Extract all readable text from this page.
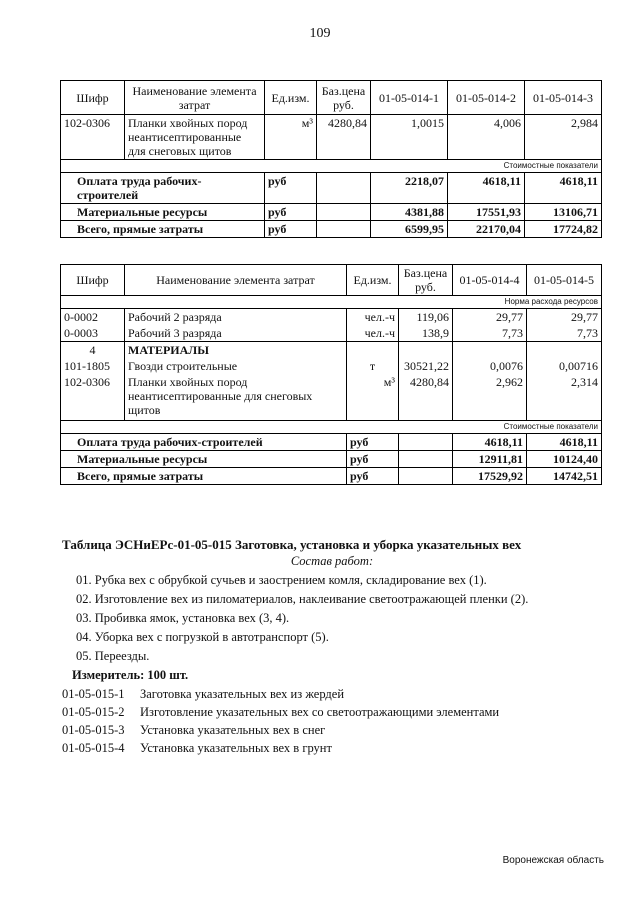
109
Шифр	Наименование элемента затрат	Ед.изм.	Баз.цена руб.	01-05-014-1	01-05-014-2	01-05-014-3
102-0306	Планки хвойных пород неантисептированные для снеговых щитов	м³	4280,84	1,0015	4,006	2,984
Стоимостные показатели						
Оплата труда рабочих-строителей		руб		2218,07	4618,11	4618,11
Материальные ресурсы		руб		4381,88	17551,93	13106,71
Всего, прямые затраты		руб		6599,95	22170,04	17724,82
Шифр	Наименование элемента затрат	Ед.изм.	Баз.цена руб.	01-05-014-4	01-05-014-5
Норма расхода ресурсов					
0-0002	Рабочий 2 разряда	чел.-ч	119,06	29,77	29,77
0-0003	Рабочий 3 разряда	чел.-ч	138,9	7,73	7,73
4	МАТЕРИАЛЫ				
101-1805	Гвозди строительные	т	30521,22	0,0076	0,00716
102-0306	Планки хвойных пород неантисептированные для снеговых щитов	м³	4280,84	2,962	2,314
Стоимостные показатели					
Оплата труда рабочих-строителей		руб		4618,11	4618,11
Материальные ресурсы		руб		12911,81	10124,40
Всего, прямые затраты		руб		17529,92	14742,51
Таблица ЭСНиЕРс-01-05-015 Заготовка, установка и уборка указательных вех
Состав работ:
01. Рубка вех с обрубкой сучьев и заострением комля, складирование вех (1).
02. Изготовление вех из пиломатериалов, наклеивание светоотражающей пленки (2).
03. Пробивка ямок, установка вех (3, 4).
04. Уборка вех с погрузкой в автотранспорт (5).
05. Переезды.
Измеритель: 100 шт.
01-05-015-1 Заготовка указательных вех из жердей
01-05-015-2 Изготовление указательных вех со светоотражающими элементами
01-05-015-3 Установка указательных вех в снег
01-05-015-4 Установка указательных вех в грунт
Воронежская область
